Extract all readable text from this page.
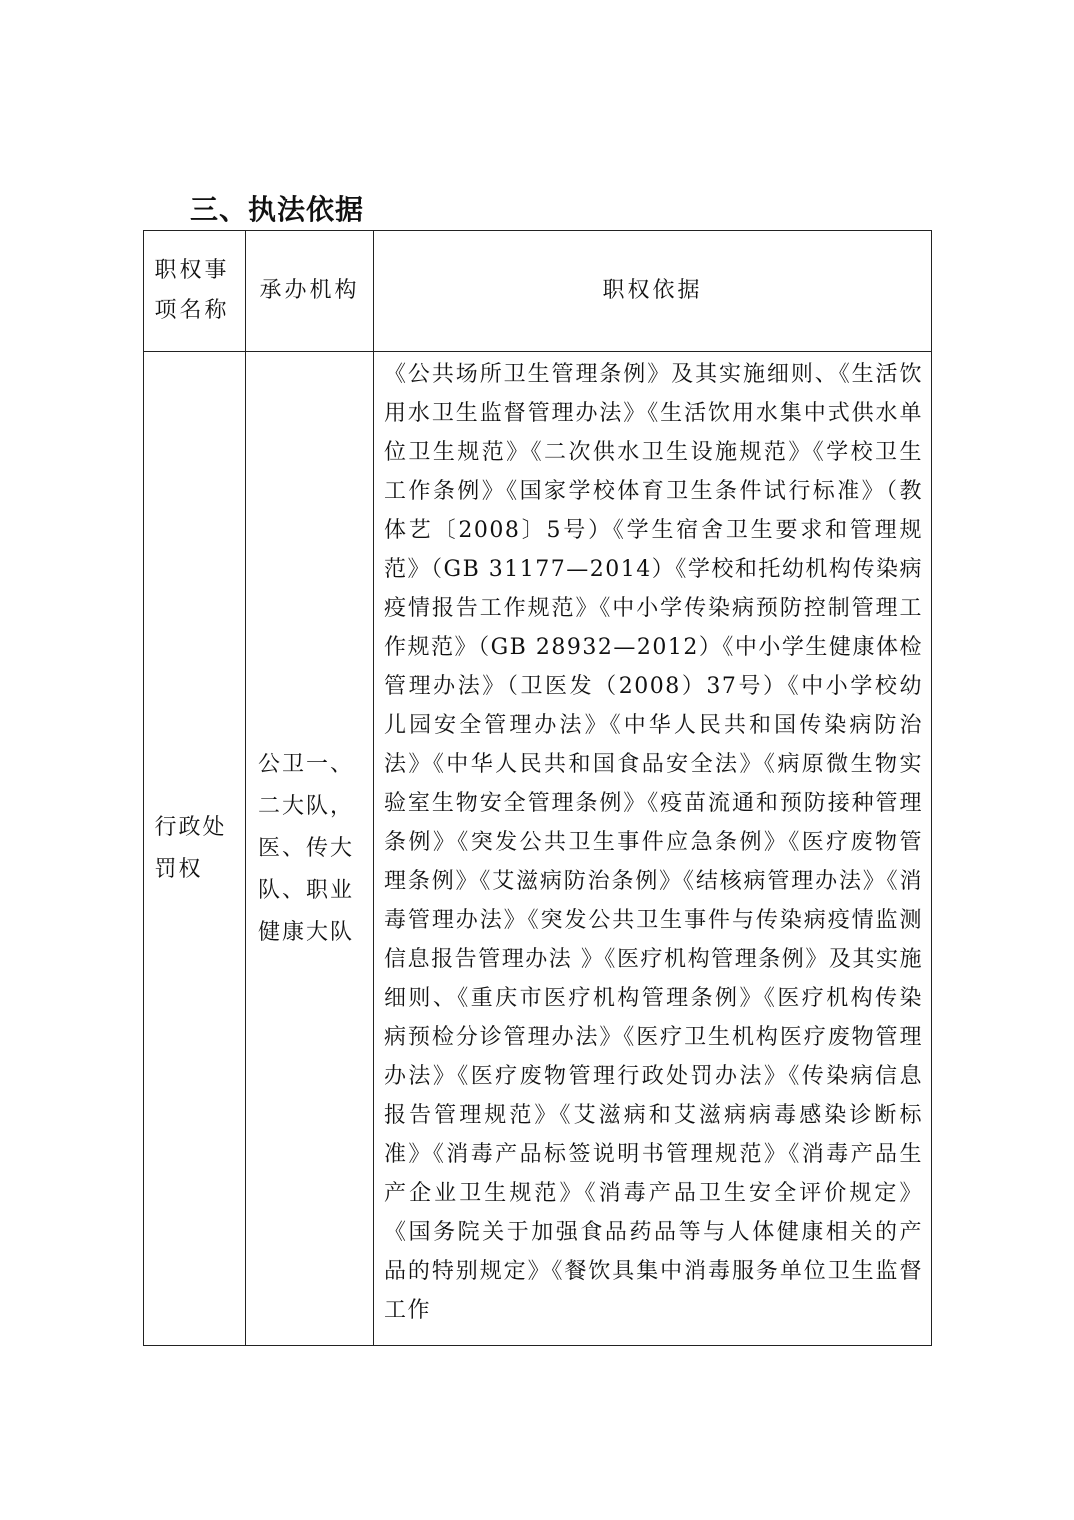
三、执法依据
职权事项名称	承办机构	职权依据
行政处罚权	公卫一、二大队，医、传大队、职业健康大队	《公共场所卫生管理条例》及其实施细则、《生活饮用水卫生监督管理办法》《生活饮用水集中式供水单位卫生规范》《二次供水卫生设施规范》《学校卫生工作条例》《国家学校体育卫生条件试行标准》（教体艺〔2008〕5号）《学生宿舍卫生要求和管理规范》（GB 31177—2014）《学校和托幼机构传染病疫情报告工作规范》《中小学传染病预防控制管理工作规范》（GB 28932—2012）《中小学生健康体检管理办法》（卫医发（2008）37号）《中小学校幼儿园安全管理办法》《中华人民共和国传染病防治法》《中华人民共和国食品安全法》《病原微生物实验室生物安全管理条例》《疫苗流通和预防接种管理条例》《突发公共卫生事件应急条例》《医疗废物管理条例》《艾滋病防治条例》《结核病管理办法》《消毒管理办法》《突发公共卫生事件与传染病疫情监测信息报告管理办法 》《医疗机构管理条例》及其实施细则、《重庆市医疗机构管理条例》《医疗机构传染病预检分诊管理办法》《医疗卫生机构医疗废物管理办法》《医疗废物管理行政处罚办法》《传染病信息报告管理规范》《艾滋病和艾滋病病毒感染诊断标准》《消毒产品标签说明书管理规范》《消毒产品生产企业卫生规范》《消毒产品卫生安全评价规定》《国务院关于加强食品药品等与人体健康相关的产品的特别规定》《餐饮具集中消毒服务单位卫生监督工作
